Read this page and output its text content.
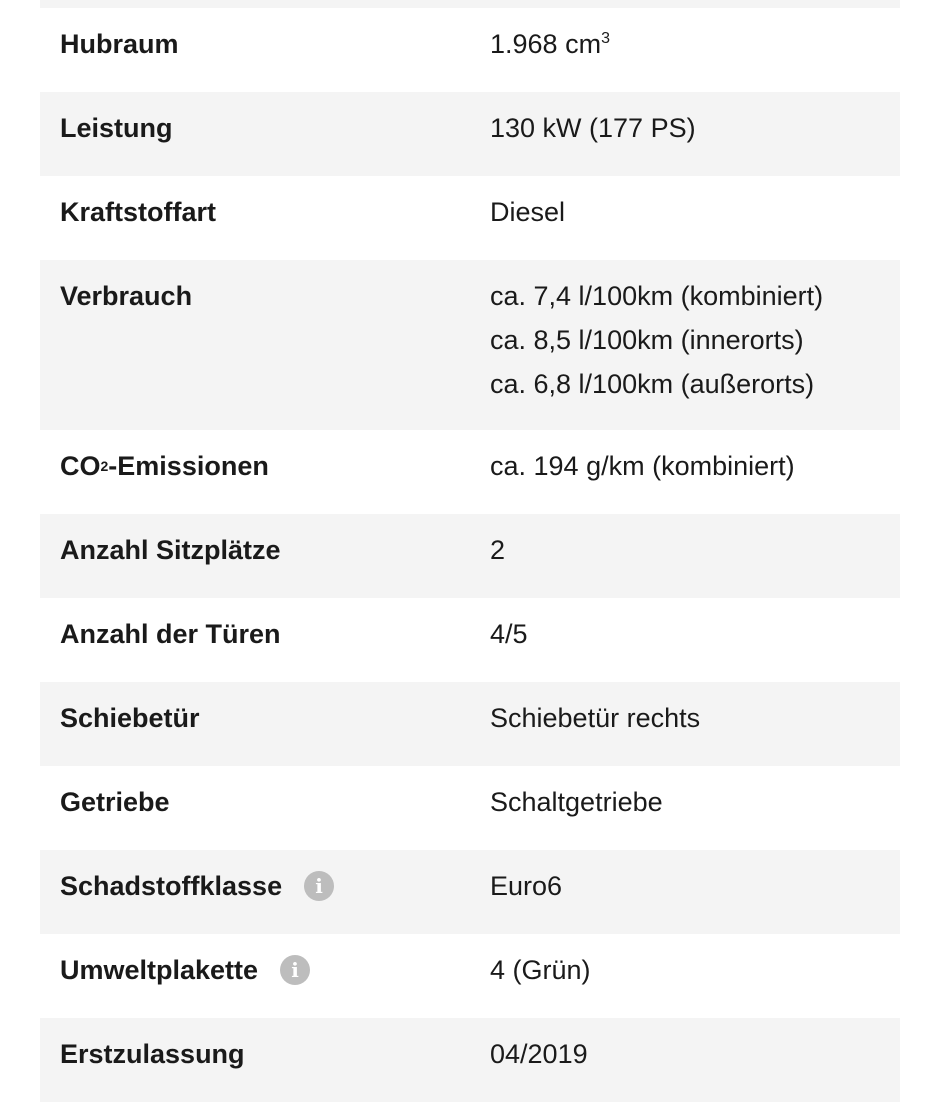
Hubraum	1.968 $cm^3$
Leistung	130 kW (177 PS)
Kraftstoffart	Diesel
Verbrauch	ca. 7,4 l/100km (kombiniert)
ca. 8,5 l/100km (innerorts)
ca. 6,8 l/100km (außerorts)
CO 2 -Emissionen	ca. 194 g/km (kombiniert)
Anzahl Sitzplätze	2
Anzahl der Türen	4/5
Schiebetür	Schiebetür rechts
Getriebe	Schaltgetriebe
Schadstoffklasse	i	Euro6
Umweltplakette	i	4 (Grün)
Erstzulassung	04/2019
